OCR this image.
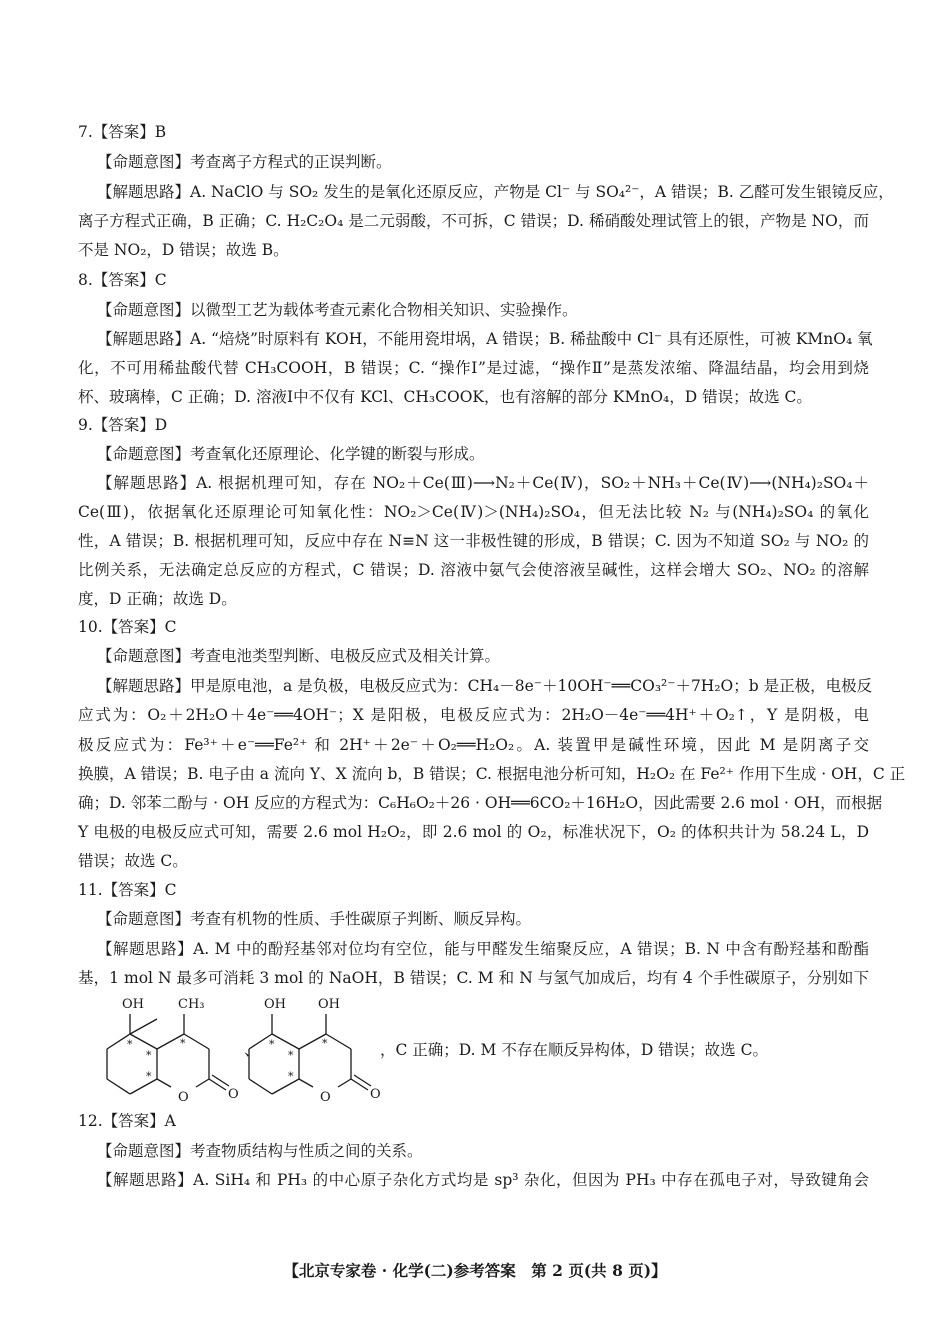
7.【答案】B
【命题意图】考查离子方程式的正误判断。
【解题思路】A. NaClO 与 SO₂ 发生的是氧化还原反应，产物是 Cl⁻ 与 SO₄²⁻，A 错误；B. 乙醛可发生银镜反应，
离子方程式正确，B 正确；C. H₂C₂O₄ 是二元弱酸，不可拆，C 错误；D. 稀硝酸处理试管上的银，产物是 NO，而
不是 NO₂，D 错误；故选 B。
8.【答案】C
【命题意图】以微型工艺为载体考查元素化合物相关知识、实验操作。
【解题思路】A. “焙烧”时原料有 KOH，不能用瓷坩埚，A 错误；B. 稀盐酸中 Cl⁻ 具有还原性，可被 KMnO₄ 氧
化，不可用稀盐酸代替 CH₃COOH，B 错误；C. “操作Ⅰ”是过滤，“操作Ⅱ”是蒸发浓缩、降温结晶，均会用到烧
杯、玻璃棒，C 正确；D. 溶液Ⅰ中不仅有 KCl、CH₃COOK，也有溶解的部分 KMnO₄，D 错误；故选 C。
9.【答案】D
【命题意图】考查氧化还原理论、化学键的断裂与形成。
【解题思路】A. 根据机理可知，存在 NO₂＋Ce(Ⅲ)⟶N₂＋Ce(Ⅳ)，SO₂＋NH₃＋Ce(Ⅳ)⟶(NH₄)₂SO₄＋
Ce(Ⅲ)，依据氧化还原理论可知氧化性：NO₂＞Ce(Ⅳ)＞(NH₄)₂SO₄，但无法比较 N₂ 与(NH₄)₂SO₄ 的氧化
性，A 错误；B. 根据机理可知，反应中存在 N≡N 这一非极性键的形成，B 错误；C. 因为不知道 SO₂ 与 NO₂ 的
比例关系，无法确定总反应的方程式，C 错误；D. 溶液中氨气会使溶液呈碱性，这样会增大 SO₂、NO₂ 的溶解
度，D 正确；故选 D。
10.【答案】C
【命题意图】考查电池类型判断、电极反应式及相关计算。
【解题思路】甲是原电池，a 是负极，电极反应式为：CH₄－8e⁻＋10OH⁻══CO₃²⁻＋7H₂O；b 是正极，电极反
应式为：O₂＋2H₂O＋4e⁻══4OH⁻；X 是阳极，电极反应式为：2H₂O－4e⁻══4H⁺＋O₂↑，Y 是阴极，电
极反应式为：Fe³⁺＋e⁻══Fe²⁺ 和 2H⁺＋2e⁻＋O₂══H₂O₂。A. 装置甲是碱性环境，因此 M 是阴离子交
换膜，A 错误；B. 电子由 a 流向 Y、X 流向 b，B 错误；C. 根据电池分析可知，H₂O₂ 在 Fe²⁺ 作用下生成 · OH，C 正
确；D. 邻苯二酚与 · OH 反应的方程式为：C₆H₆O₂＋26 · OH══6CO₂＋16H₂O，因此需要 2.6 mol · OH，而根据
Y 电极的电极反应式可知，需要 2.6 mol H₂O₂，即 2.6 mol 的 O₂，标准状况下，O₂ 的体积共计为 58.24 L，D
错误；故选 C。
11.【答案】C
【命题意图】考查有机物的性质、手性碳原子判断、顺反异构。
【解题思路】A. M 中的酚羟基邻对位均有空位，能与甲醛发生缩聚反应，A 错误；B. N 中含有酚羟基和酚酯
基，1 mol N 最多可消耗 3 mol 的 NaOH，B 错误；C. M 和 N 与氢气加成后，均有 4 个手性碳原子，分别如下
OH	CH₃
O	O
*
*
*
*
、
OH OH
O	O
*
*
*
*
，C 正确；D. M 不存在顺反异构体，D 错误；故选 C。
12.【答案】A
【命题意图】考查物质结构与性质之间的关系。
【解题思路】A. SiH₄ 和 PH₃ 的中心原子杂化方式均是 sp³ 杂化，但因为 PH₃ 中存在孤电子对，导致键角会
【北京专家卷 · 化学(二)参考答案　第 2 页(共 8 页)】
